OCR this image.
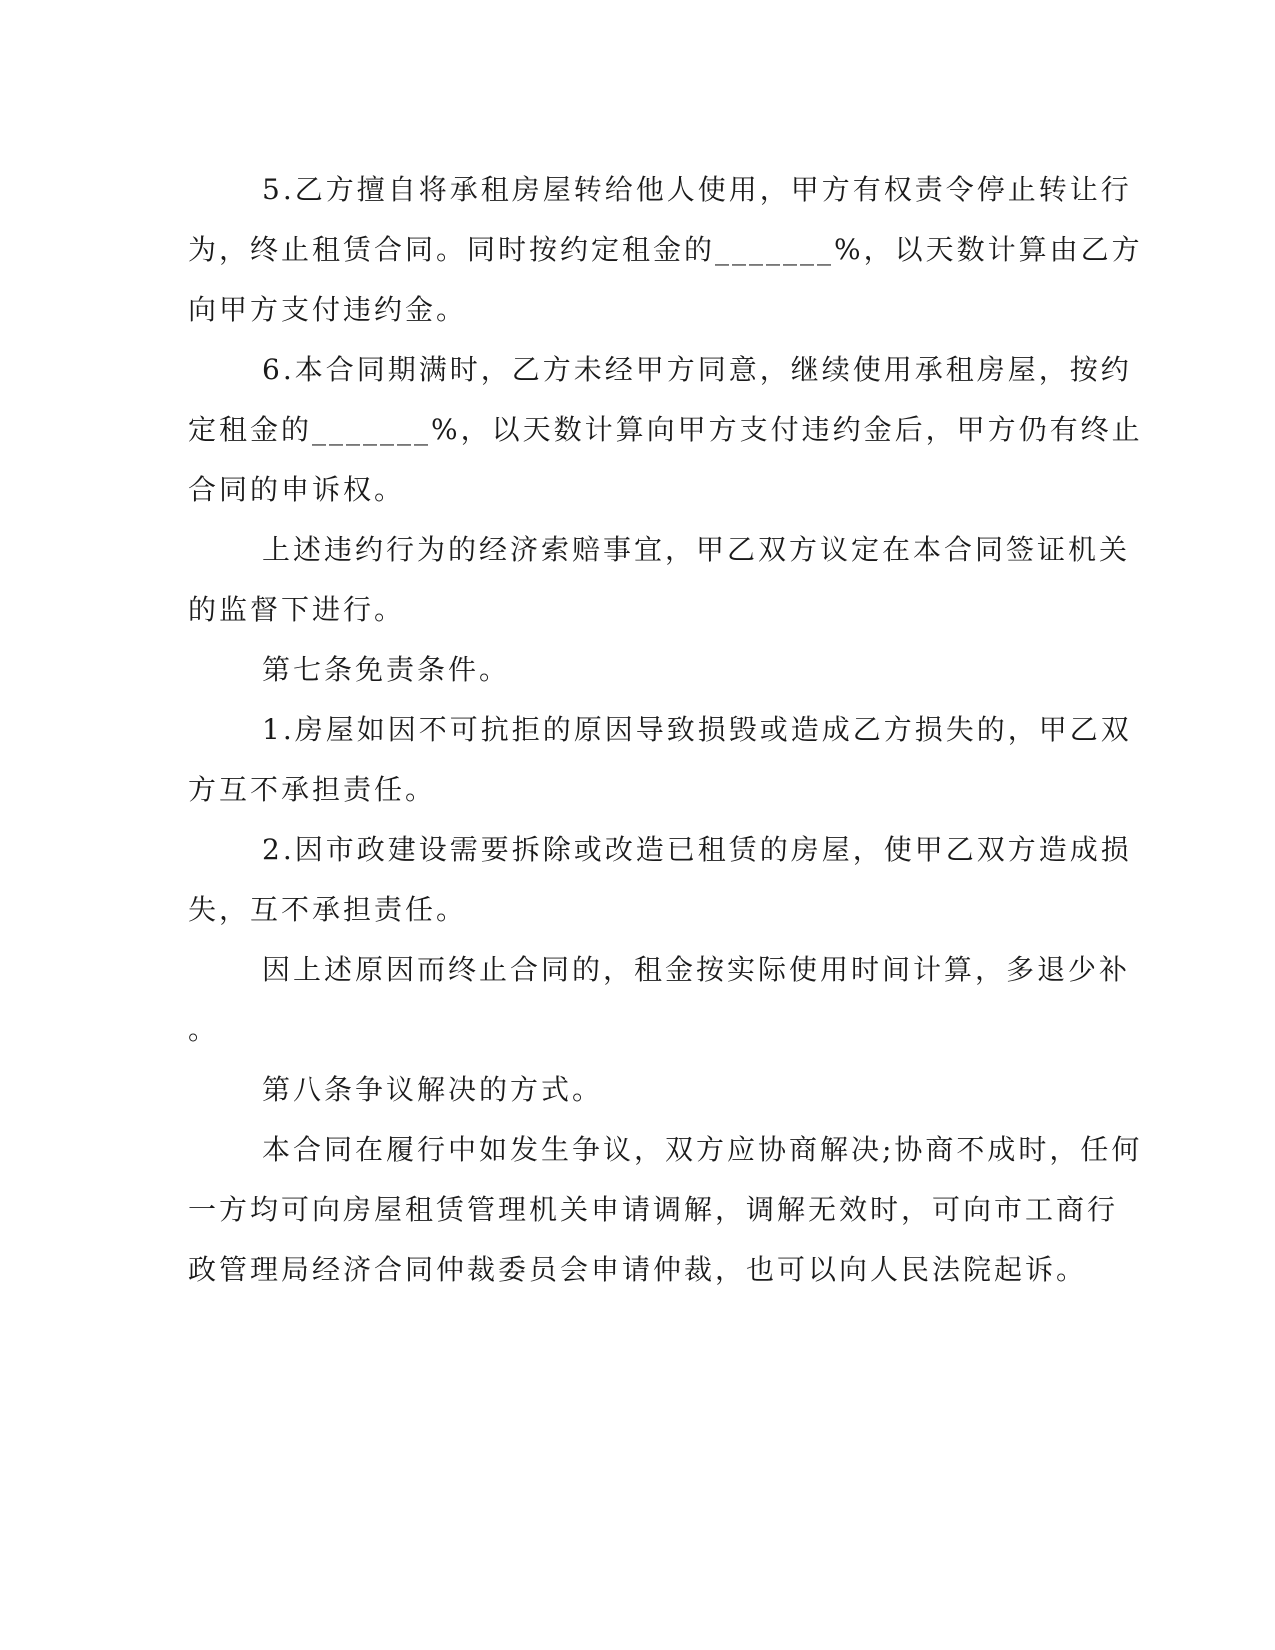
5.乙方擅自将承租房屋转给他人使用，甲方有权责令停止转让行
为，终止租赁合同。同时按约定租金的_______%，以天数计算由乙方
向甲方支付违约金。
6.本合同期满时，乙方未经甲方同意，继续使用承租房屋，按约
定租金的_______%，以天数计算向甲方支付违约金后，甲方仍有终止
合同的申诉权。
上述违约行为的经济索赔事宜，甲乙双方议定在本合同签证机关
的监督下进行。
第七条免责条件。
1.房屋如因不可抗拒的原因导致损毁或造成乙方损失的，甲乙双
方互不承担责任。
2.因市政建设需要拆除或改造已租赁的房屋，使甲乙双方造成损
失，互不承担责任。
因上述原因而终止合同的，租金按实际使用时间计算，多退少补
。
第八条争议解决的方式。
本合同在履行中如发生争议，双方应协商解决;协商不成时，任何
一方均可向房屋租赁管理机关申请调解，调解无效时，可向市工商行
政管理局经济合同仲裁委员会申请仲裁，也可以向人民法院起诉。
